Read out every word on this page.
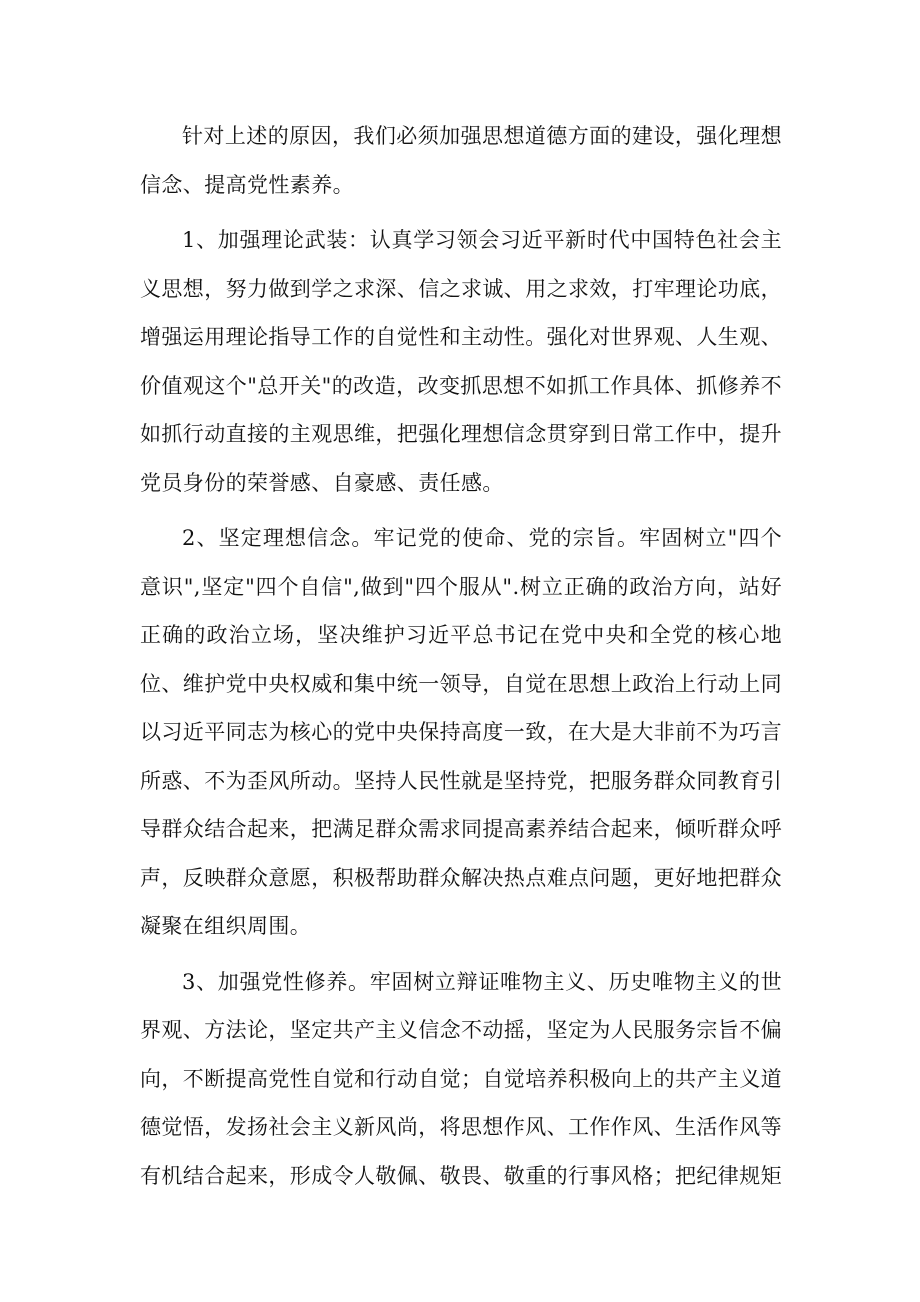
针对上述的原因，我们必须加强思想道德方面的建设，强化理想信念、提高党性素养。

1、加强理论武装：认真学习领会习近平新时代中国特色社会主义思想，努力做到学之求深、信之求诚、用之求效，打牢理论功底，增强运用理论指导工作的自觉性和主动性。强化对世界观、人生观、价值观这个"总开关"的改造，改变抓思想不如抓工作具体、抓修养不如抓行动直接的主观思维，把强化理想信念贯穿到日常工作中，提升党员身份的荣誉感、自豪感、责任感。

2、坚定理想信念。牢记党的使命、党的宗旨。牢固树立"四个意识",坚定"四个自信",做到"四个服从".树立正确的政治方向，站好正确的政治立场，坚决维护习近平总书记在党中央和全党的核心地位、维护党中央权威和集中统一领导，自觉在思想上政治上行动上同以习近平同志为核心的党中央保持高度一致，在大是大非前不为巧言所惑、不为歪风所动。坚持人民性就是坚持党，把服务群众同教育引导群众结合起来，把满足群众需求同提高素养结合起来，倾听群众呼声，反映群众意愿，积极帮助群众解决热点难点问题，更好地把群众凝聚在组织周围。

3、加强党性修养。牢固树立辩证唯物主义、历史唯物主义的世界观、方法论，坚定共产主义信念不动摇，坚定为人民服务宗旨不偏向，不断提高党性自觉和行动自觉；自觉培养积极向上的共产主义道德觉悟，发扬社会主义新风尚，将思想作风、工作作风、生活作风等有机结合起来，形成令人敬佩、敬畏、敬重的行事风格；把纪律规矩
